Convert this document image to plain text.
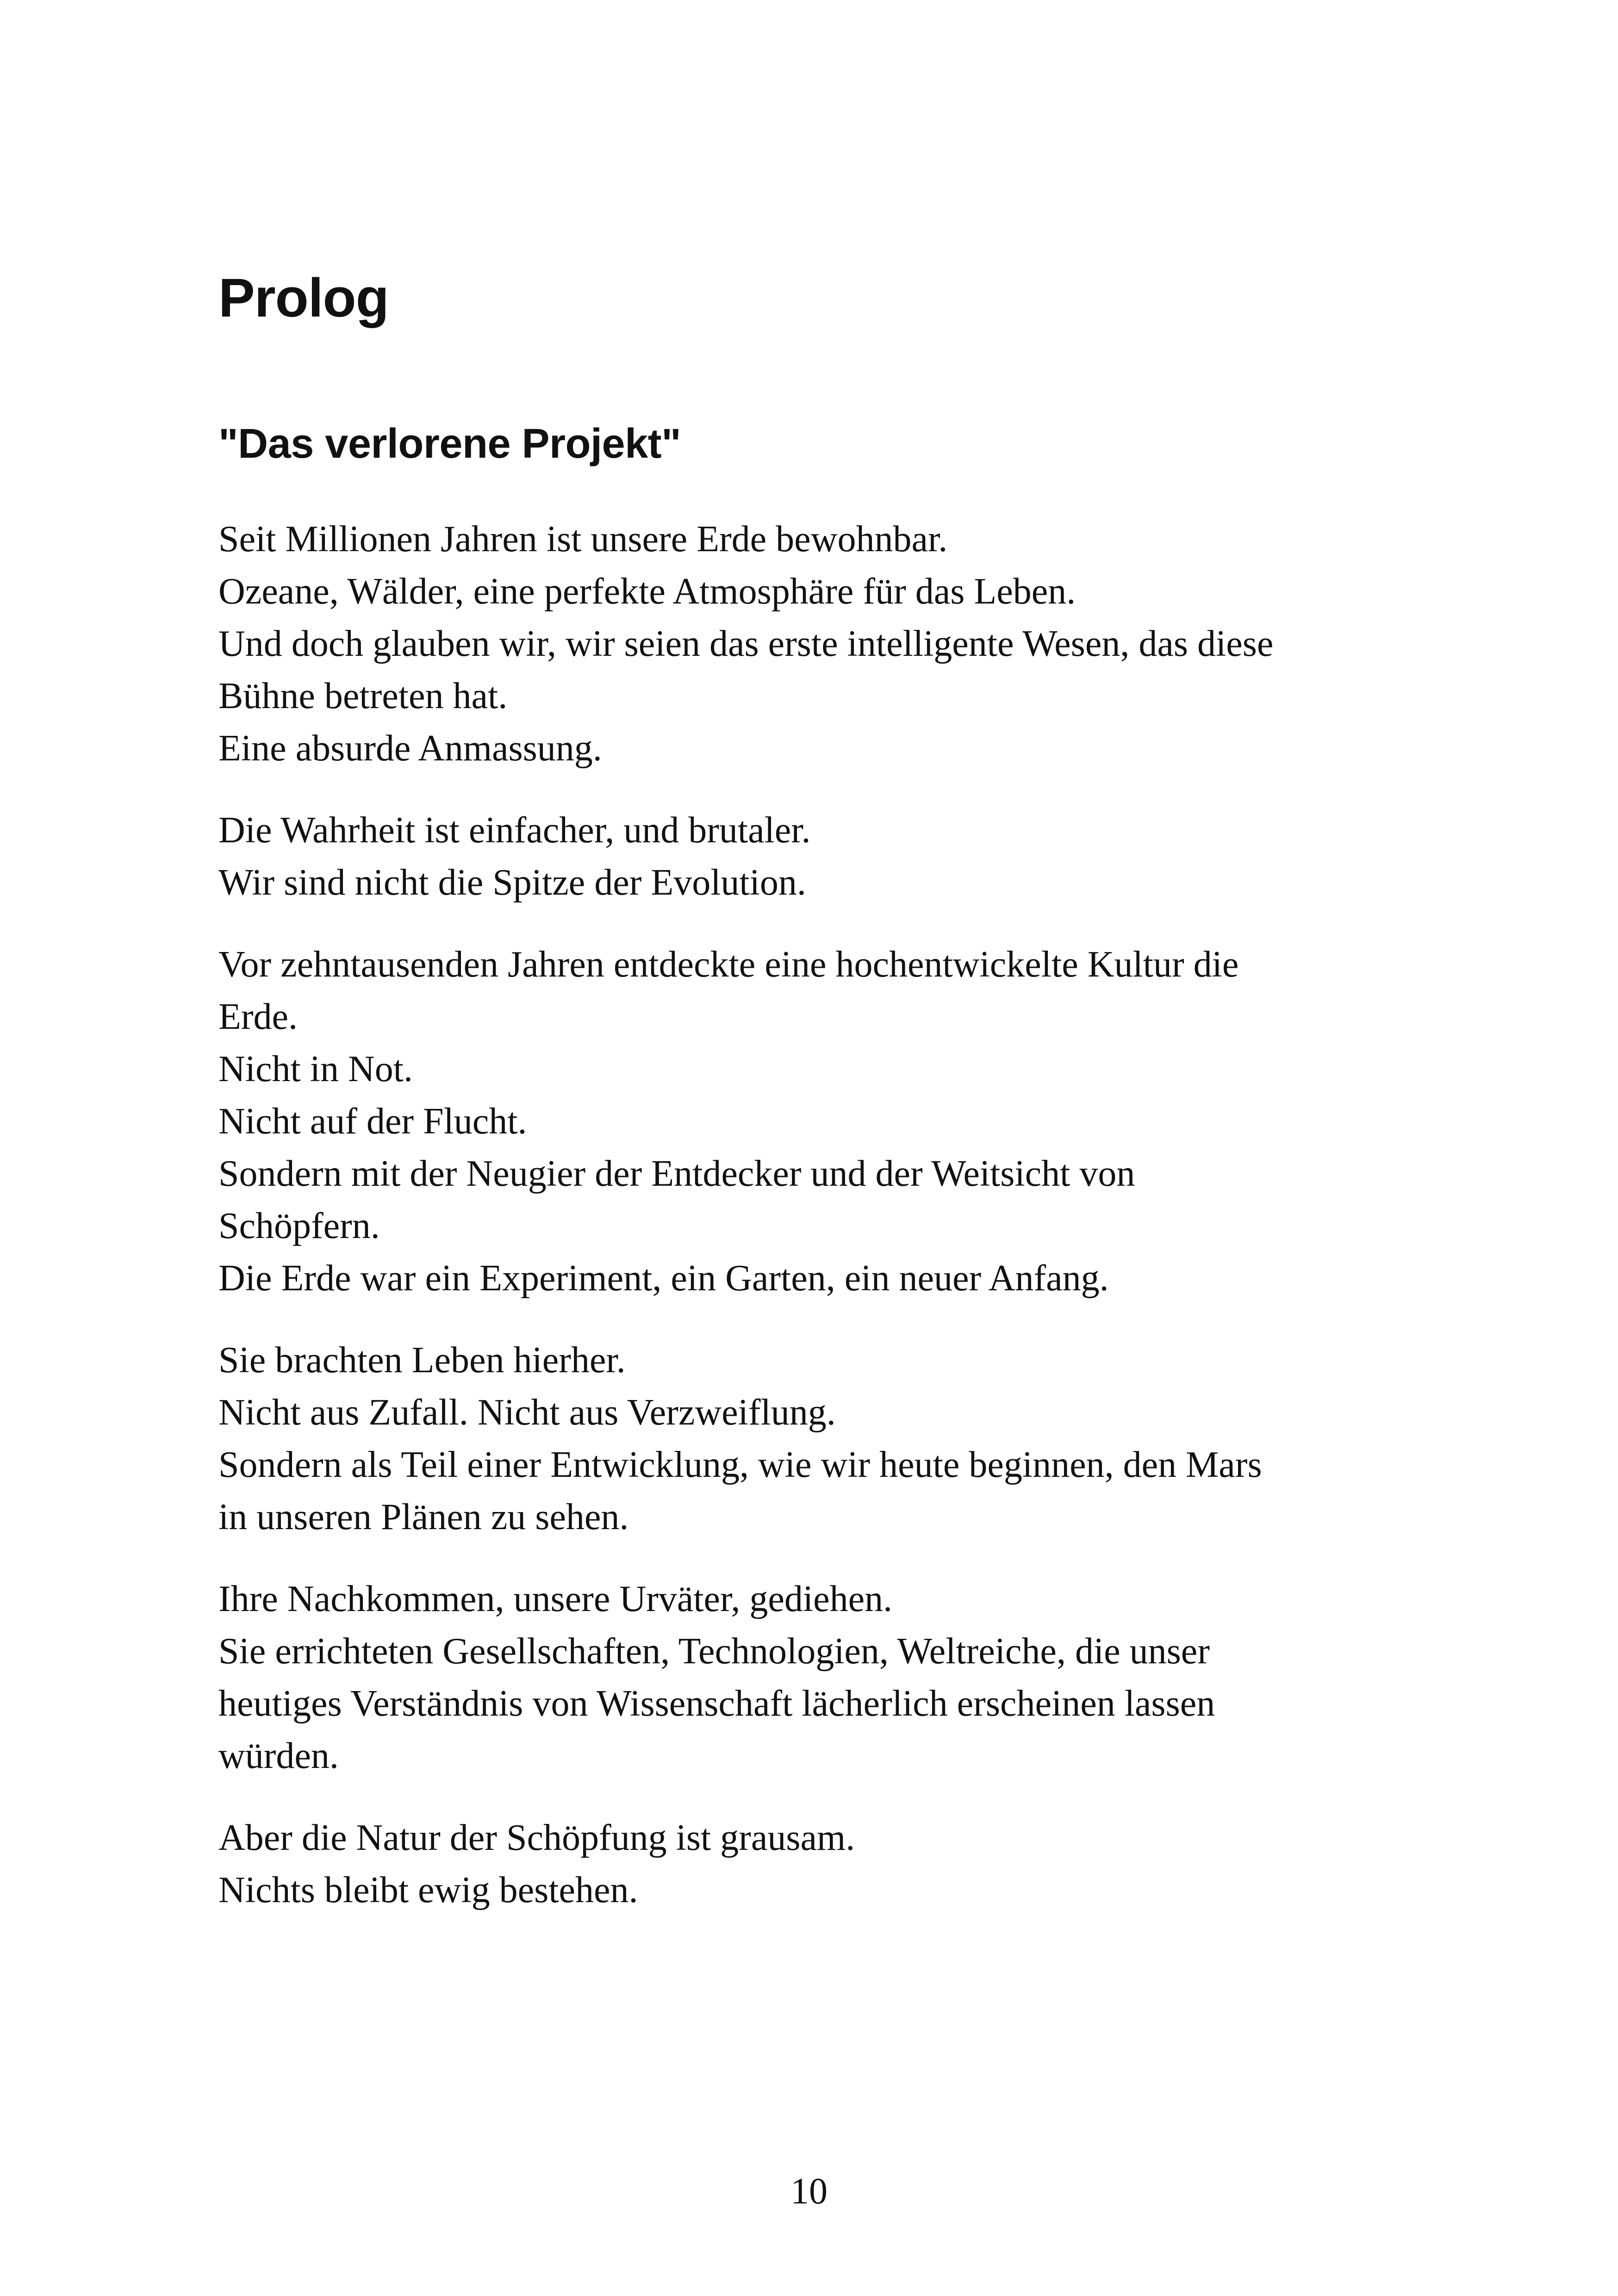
Prolog
"Das verlorene Projekt"
Seit Millionen Jahren ist unsere Erde bewohnbar.
Ozeane, Wälder, eine perfekte Atmosphäre für das Leben.
Und doch glauben wir, wir seien das erste intelligente Wesen, das diese
Bühne betreten hat.
Eine absurde Anmassung.
Die Wahrheit ist einfacher, und brutaler.
Wir sind nicht die Spitze der Evolution.
Vor zehntausenden Jahren entdeckte eine hochentwickelte Kultur die
Erde.
Nicht in Not.
Nicht auf der Flucht.
Sondern mit der Neugier der Entdecker und der Weitsicht von
Schöpfern.
Die Erde war ein Experiment, ein Garten, ein neuer Anfang.
Sie brachten Leben hierher.
Nicht aus Zufall. Nicht aus Verzweiflung.
Sondern als Teil einer Entwicklung, wie wir heute beginnen, den Mars
in unseren Plänen zu sehen.
Ihre Nachkommen, unsere Urväter, gediehen.
Sie errichteten Gesellschaften, Technologien, Weltreiche, die unser
heutiges Verständnis von Wissenschaft lächerlich erscheinen lassen
würden.
Aber die Natur der Schöpfung ist grausam.
Nichts bleibt ewig bestehen.
10
